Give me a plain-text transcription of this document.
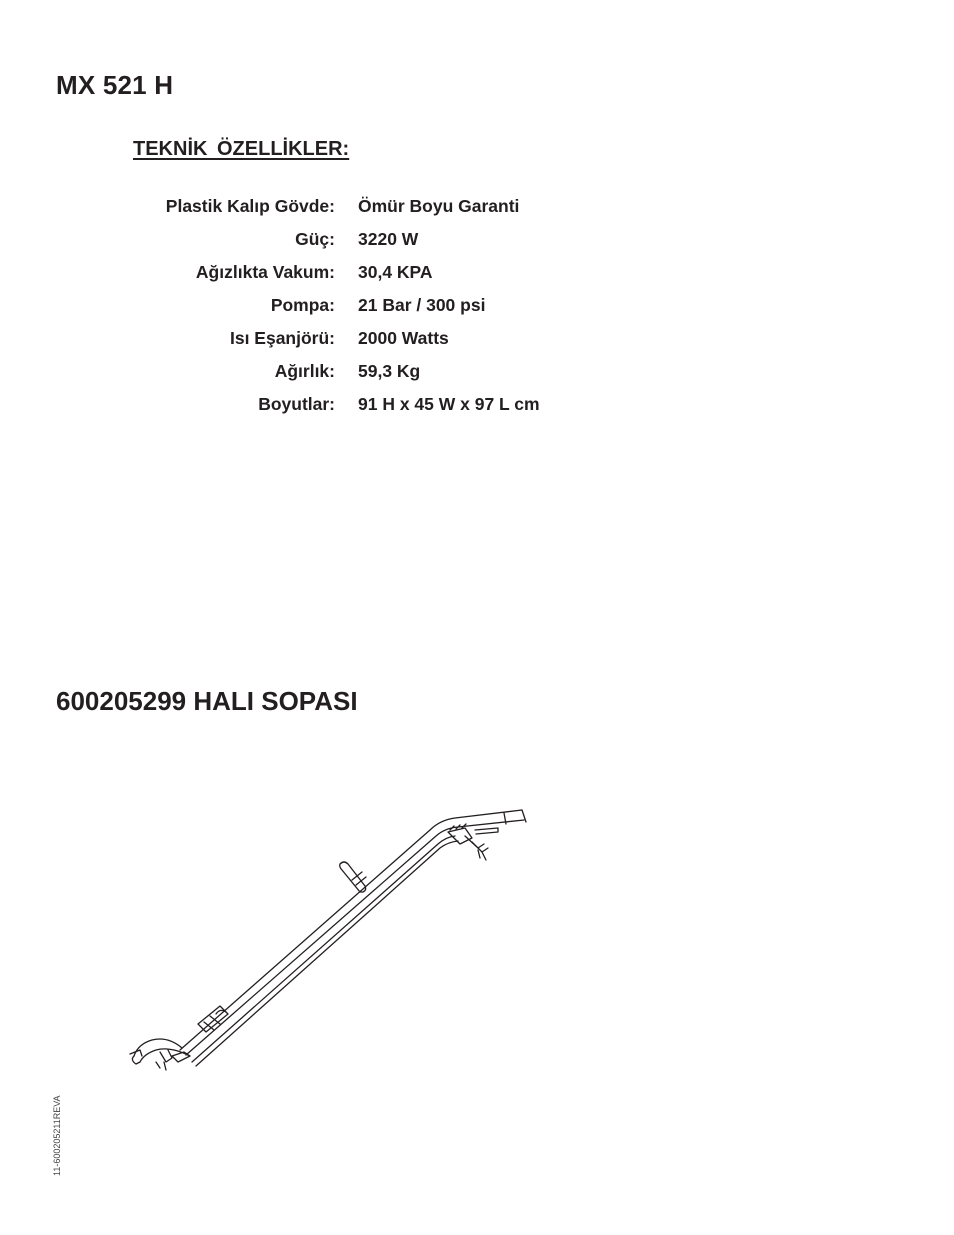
MX 521 H
TEKNİK ÖZELLİKLER:
Plastik Kalıp Gövde: Ömür Boyu Garanti
Güç: 3220 W
Ağızlıkta Vakum: 30,4 KPA
Pompa: 21 Bar / 300 psi
Isı Eşanjörü: 2000 Watts
Ağırlık: 59,3 Kg
Boyutlar: 91 H x 45 W x 97 L cm
600205299 HALI SOPASI
11-600205211REVA
